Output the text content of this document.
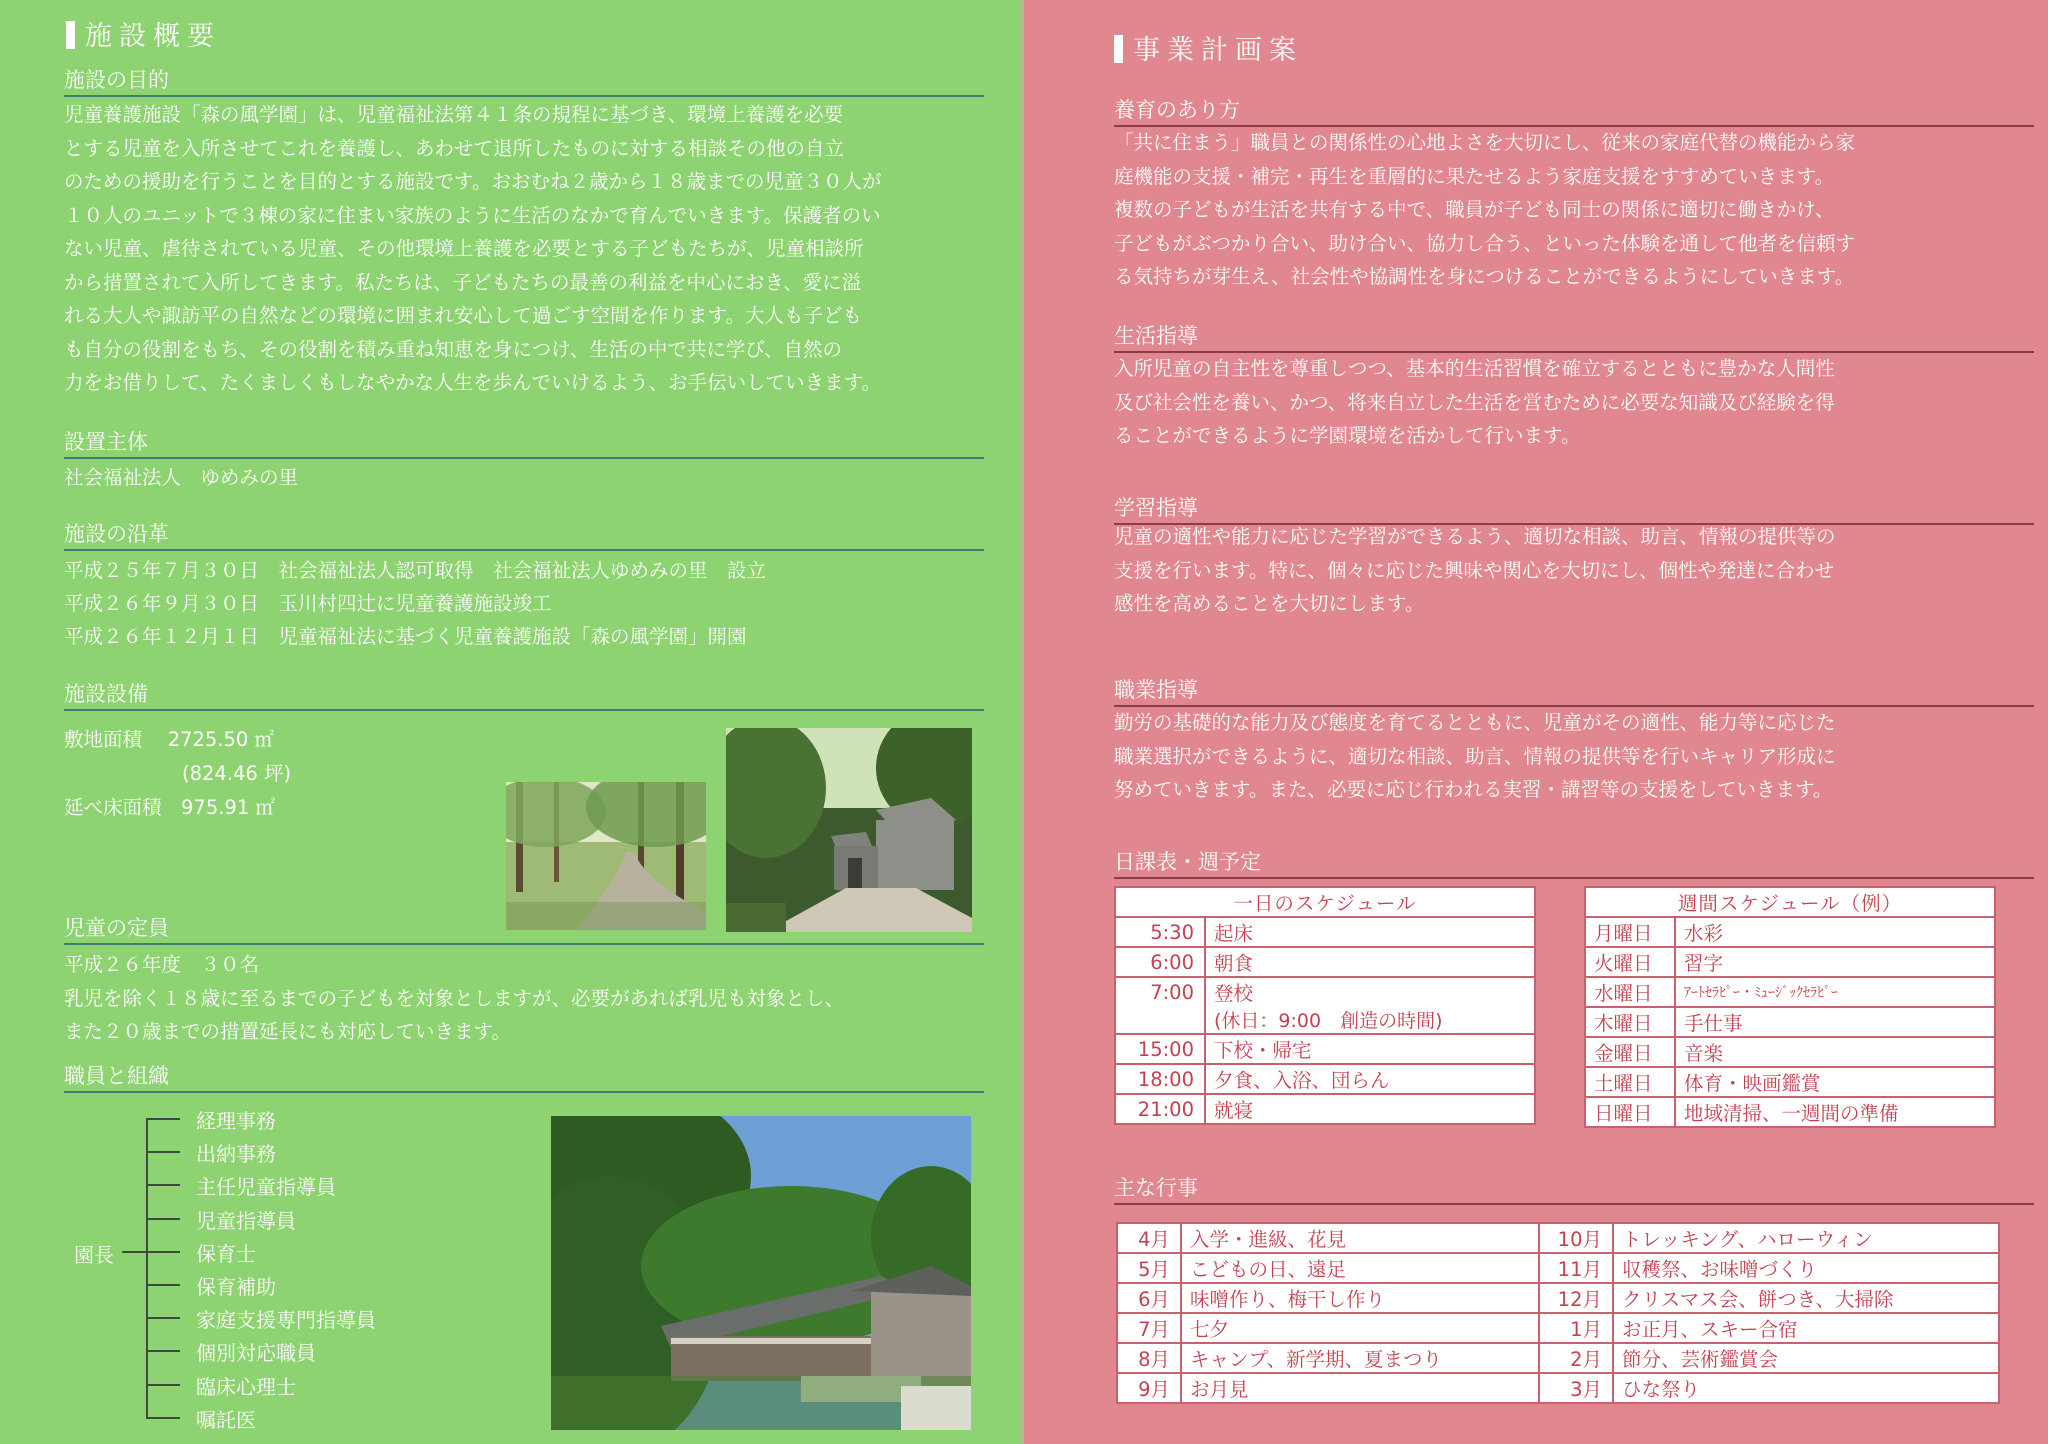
施設概要
施設の目的
児童養護施設「森の風学園」は、児童福祉法第４１条の規程に基づき、環境上養護を必要
とする児童を入所させてこれを養護し、あわせて退所したものに対する相談その他の自立
のための援助を行うことを目的とする施設です。おおむね２歳から１８歳までの児童３０人が
１０人のユニットで３棟の家に住まい家族のように生活のなかで育んでいきます。保護者のい
ない児童、虐待されている児童、その他環境上養護を必要とする子どもたちが、児童相談所
から措置されて入所してきます。私たちは、子どもたちの最善の利益を中心におき、愛に溢
れる大人や諏訪平の自然などの環境に囲まれ安心して過ごす空間を作ります。大人も子ども
も自分の役割をもち、その役割を積み重ね知恵を身につけ、生活の中で共に学び、自然の
力をお借りして、たくましくもしなやかな人生を歩んでいけるよう、お手伝いしていきます。
設置主体
社会福祉法人　ゆめみの里
施設の沿革
平成２５年７月３０日　社会福祉法人認可取得　社会福祉法人ゆめみの里　設立
平成２６年９月３０日　玉川村四辻に児童養護施設竣工
平成２６年１２月１日　児童福祉法に基づく児童養護施設「森の風学園」開園
施設設備
敷地面積　 2725.50 ㎡
(824.46 坪)
延べ床面積　975.91 ㎡
児童の定員
平成２６年度　３０名
乳児を除く１８歳に至るまでの子どもを対象としますが、必要があれば乳児も対象とし、
また２０歳までの措置延長にも対応していきます。
職員と組織
園長
経理事務
出納事務
主任児童指導員
児童指導員
保育士
保育補助
家庭支援専門指導員
個別対応職員
臨床心理士
嘱託医
事業計画案
養育のあり方
「共に住まう」職員との関係性の心地よさを大切にし、従来の家庭代替の機能から家
庭機能の支援・補完・再生を重層的に果たせるよう家庭支援をすすめていきます。
複数の子どもが生活を共有する中で、職員が子ども同士の関係に適切に働きかけ、
子どもがぶつかり合い、助け合い、協力し合う、といった体験を通して他者を信頼す
る気持ちが芽生え、社会性や協調性を身につけることができるようにしていきます。
生活指導
入所児童の自主性を尊重しつつ、基本的生活習慣を確立するとともに豊かな人間性
及び社会性を養い、かつ、将来自立した生活を営むために必要な知識及び経験を得
ることができるように学園環境を活かして行います。
学習指導
児童の適性や能力に応じた学習ができるよう、適切な相談、助言、情報の提供等の
支援を行います。特に、個々に応じた興味や関心を大切にし、個性や発達に合わせ
感性を高めることを大切にします。
職業指導
勤労の基礎的な能力及び態度を育てるとともに、児童がその適性、能力等に応じた
職業選択ができるように、適切な相談、助言、情報の提供等を行いキャリア形成に
努めていきます。また、必要に応じ行われる実習・講習等の支援をしていきます。
日課表・週予定
一日のスケジュール	
5:30	起床
6:00	朝食
7:00	登校
	(休日：9:00　創造の時間)
15:00	下校・帰宅
18:00	夕食、入浴、団らん
21:00	就寝
週間スケジュール（例）	
月曜日	水彩
火曜日	習字
水曜日	ｱｰﾄｾﾗﾋﾟｰ・ﾐｭｰｼﾞｯｸｾﾗﾋﾟｰ
木曜日	手仕事
金曜日	音楽
土曜日	体育・映画鑑賞
日曜日	地域清掃、一週間の準備
主な行事
4月	入学・進級、花見	10月	トレッキング、ハローウィン
5月	こどもの日、遠足	11月	収穫祭、お味噌づくり
6月	味噌作り、梅干し作り	12月	クリスマス会、餅つき、大掃除
7月	七夕	1月	お正月、スキー合宿
8月	キャンプ、新学期、夏まつり	2月	節分、芸術鑑賞会
9月	お月見	3月	ひな祭り
